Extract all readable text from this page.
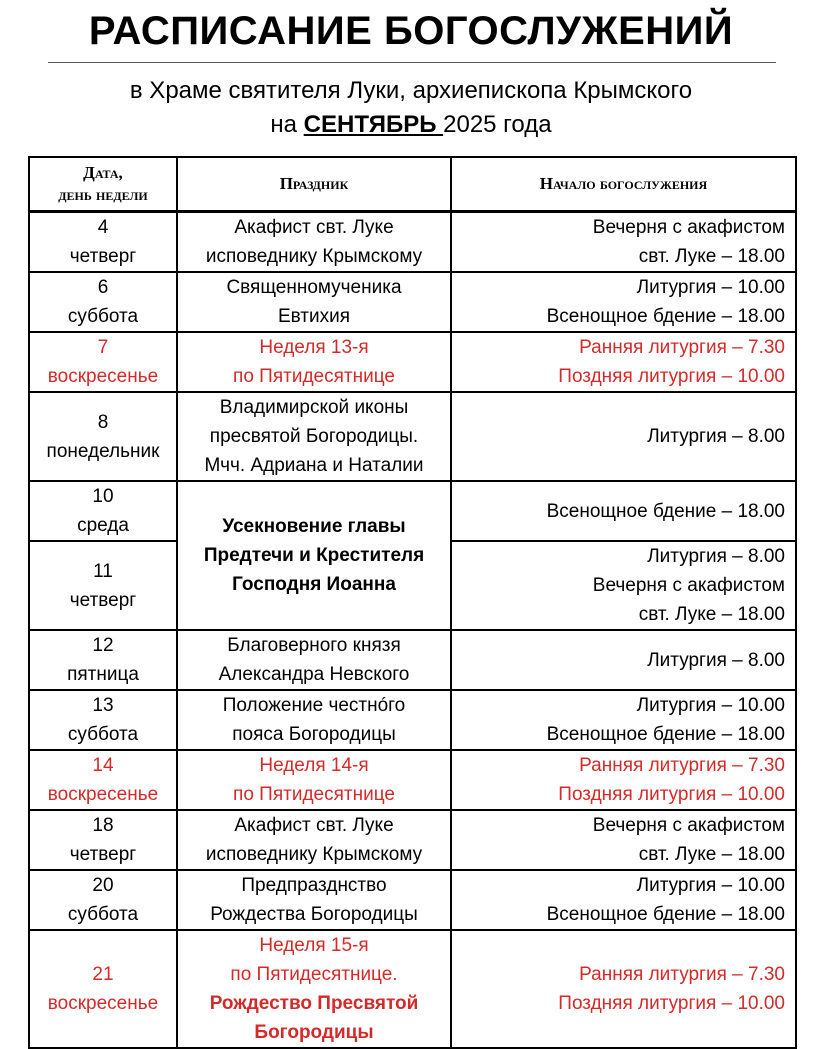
РАСПИСАНИЕ БОГОСЛУЖЕНИЙ
в Храме святителя Луки, архиепископа Крымского
на СЕНТЯБРЬ 2025 года
Дата,
день недели	Праздник	Начало богослужения

4
четверг	Акафист свт. Луке
исповеднику Крымскому	Вечерня с акафистом
свт. Луке – 18.00

6
суббота	Священномученика
Евтихия	Литургия – 10.00
Всенощное бдение – 18.00

7
воскресенье	Неделя 13-я
по Пятидесятнице	Ранняя литургия – 7.30
Поздняя литургия – 10.00

8
понедельник	Владимирской иконы
пресвятой Богородицы.
Мчч. Адриана и Наталии	Литургия – 8.00

10
среда	Усекновение главы
Предтечи и Крестителя
Господня Иоанна	Всенощное бдение – 18.00

11
четверг		Литургия – 8.00
Вечерня с акафистом
свт. Луке – 18.00

12
пятница	Благоверного князя
Александра Невского	Литургия – 8.00

13
суббота	Положение честнóго
пояса Богородицы	Литургия – 10.00
Всенощное бдение – 18.00

14
воскресенье	Неделя 14-я
по Пятидесятнице	Ранняя литургия – 7.30
Поздняя литургия – 10.00

18
четверг	Акафист свт. Луке
исповеднику Крымскому	Вечерня с акафистом
свт. Луке – 18.00

20
суббота	Предпразднство
Рождества Богородицы	Литургия – 10.00
Всенощное бдение – 18.00

21
воскресенье	Неделя 15-я
по Пятидесятнице.
Рождество Пресвятой
Богородицы	Ранняя литургия – 7.30
Поздняя литургия – 10.00
